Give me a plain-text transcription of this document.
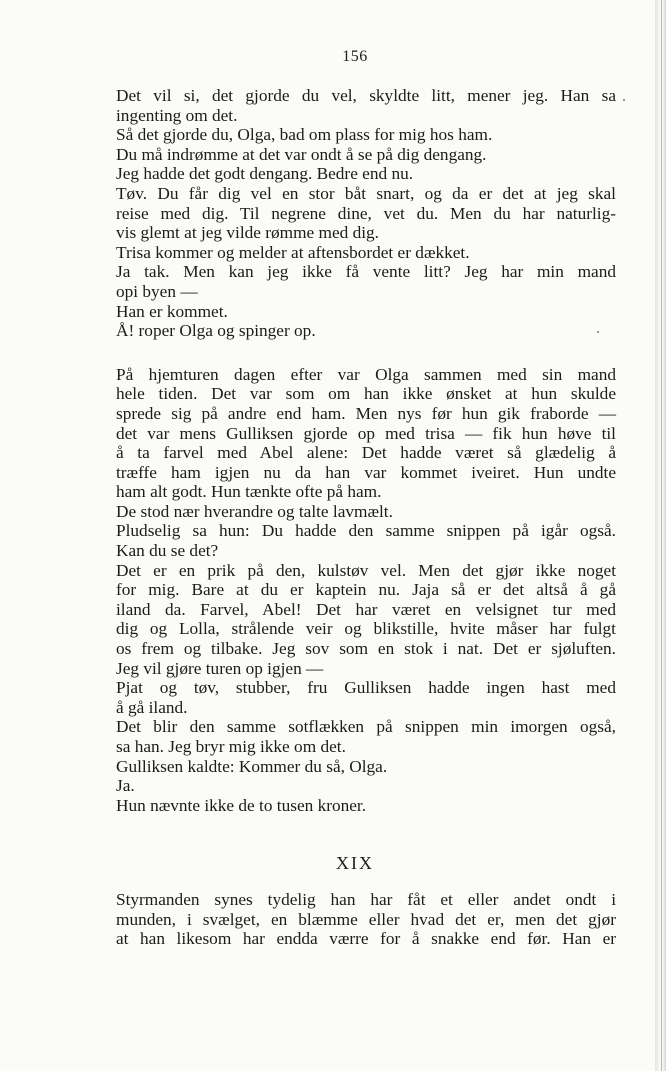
156
Det vil si, det gjorde du vel, skyldte litt, mener jeg. Han sa
ingenting om det.
Så det gjorde du, Olga, bad om plass for mig hos ham.
Du må indrømme at det var ondt å se på dig dengang.
Jeg hadde det godt dengang. Bedre end nu.
Tøv. Du får dig vel en stor båt snart, og da er det at jeg skal
reise med dig. Til negrene dine, vet du. Men du har naturlig-
vis glemt at jeg vilde rømme med dig.
Trisa kommer og melder at aftensbordet er dækket.
Ja tak. Men kan jeg ikke få vente litt? Jeg har min mand
opi byen —
Han er kommet.
Å! roper Olga og spinger op.
På hjemturen dagen efter var Olga sammen med sin mand
hele tiden. Det var som om han ikke ønsket at hun skulde
sprede sig på andre end ham. Men nys før hun gik fraborde —
det var mens Gulliksen gjorde op med trisa — fik hun høve til
å ta farvel med Abel alene: Det hadde været så glædelig å
træffe ham igjen nu da han var kommet iveiret. Hun undte
ham alt godt. Hun tænkte ofte på ham.
De stod nær hverandre og talte lavmælt.
Pludselig sa hun: Du hadde den samme snippen på igår også.
Kan du se det?
Det er en prik på den, kulstøv vel. Men det gjør ikke noget
for mig. Bare at du er kaptein nu. Jaja så er det altså å gå
iland da. Farvel, Abel! Det har været en velsignet tur med
dig og Lolla, strålende veir og blikstille, hvite måser har fulgt
os frem og tilbake. Jeg sov som en stok i nat. Det er sjøluften.
Jeg vil gjøre turen op igjen —
Pjat og tøv, stubber, fru Gulliksen hadde ingen hast med
å gå iland.
Det blir den samme sotflækken på snippen min imorgen også,
sa han. Jeg bryr mig ikke om det.
Gulliksen kaldte: Kommer du så, Olga.
Ja.
Hun nævnte ikke de to tusen kroner.
XIX
Styrmanden synes tydelig han har fåt et eller andet ondt i
munden, i svælget, en blæmme eller hvad det er, men det gjør
at han likesom har endda værre for å snakke end før. Han er
